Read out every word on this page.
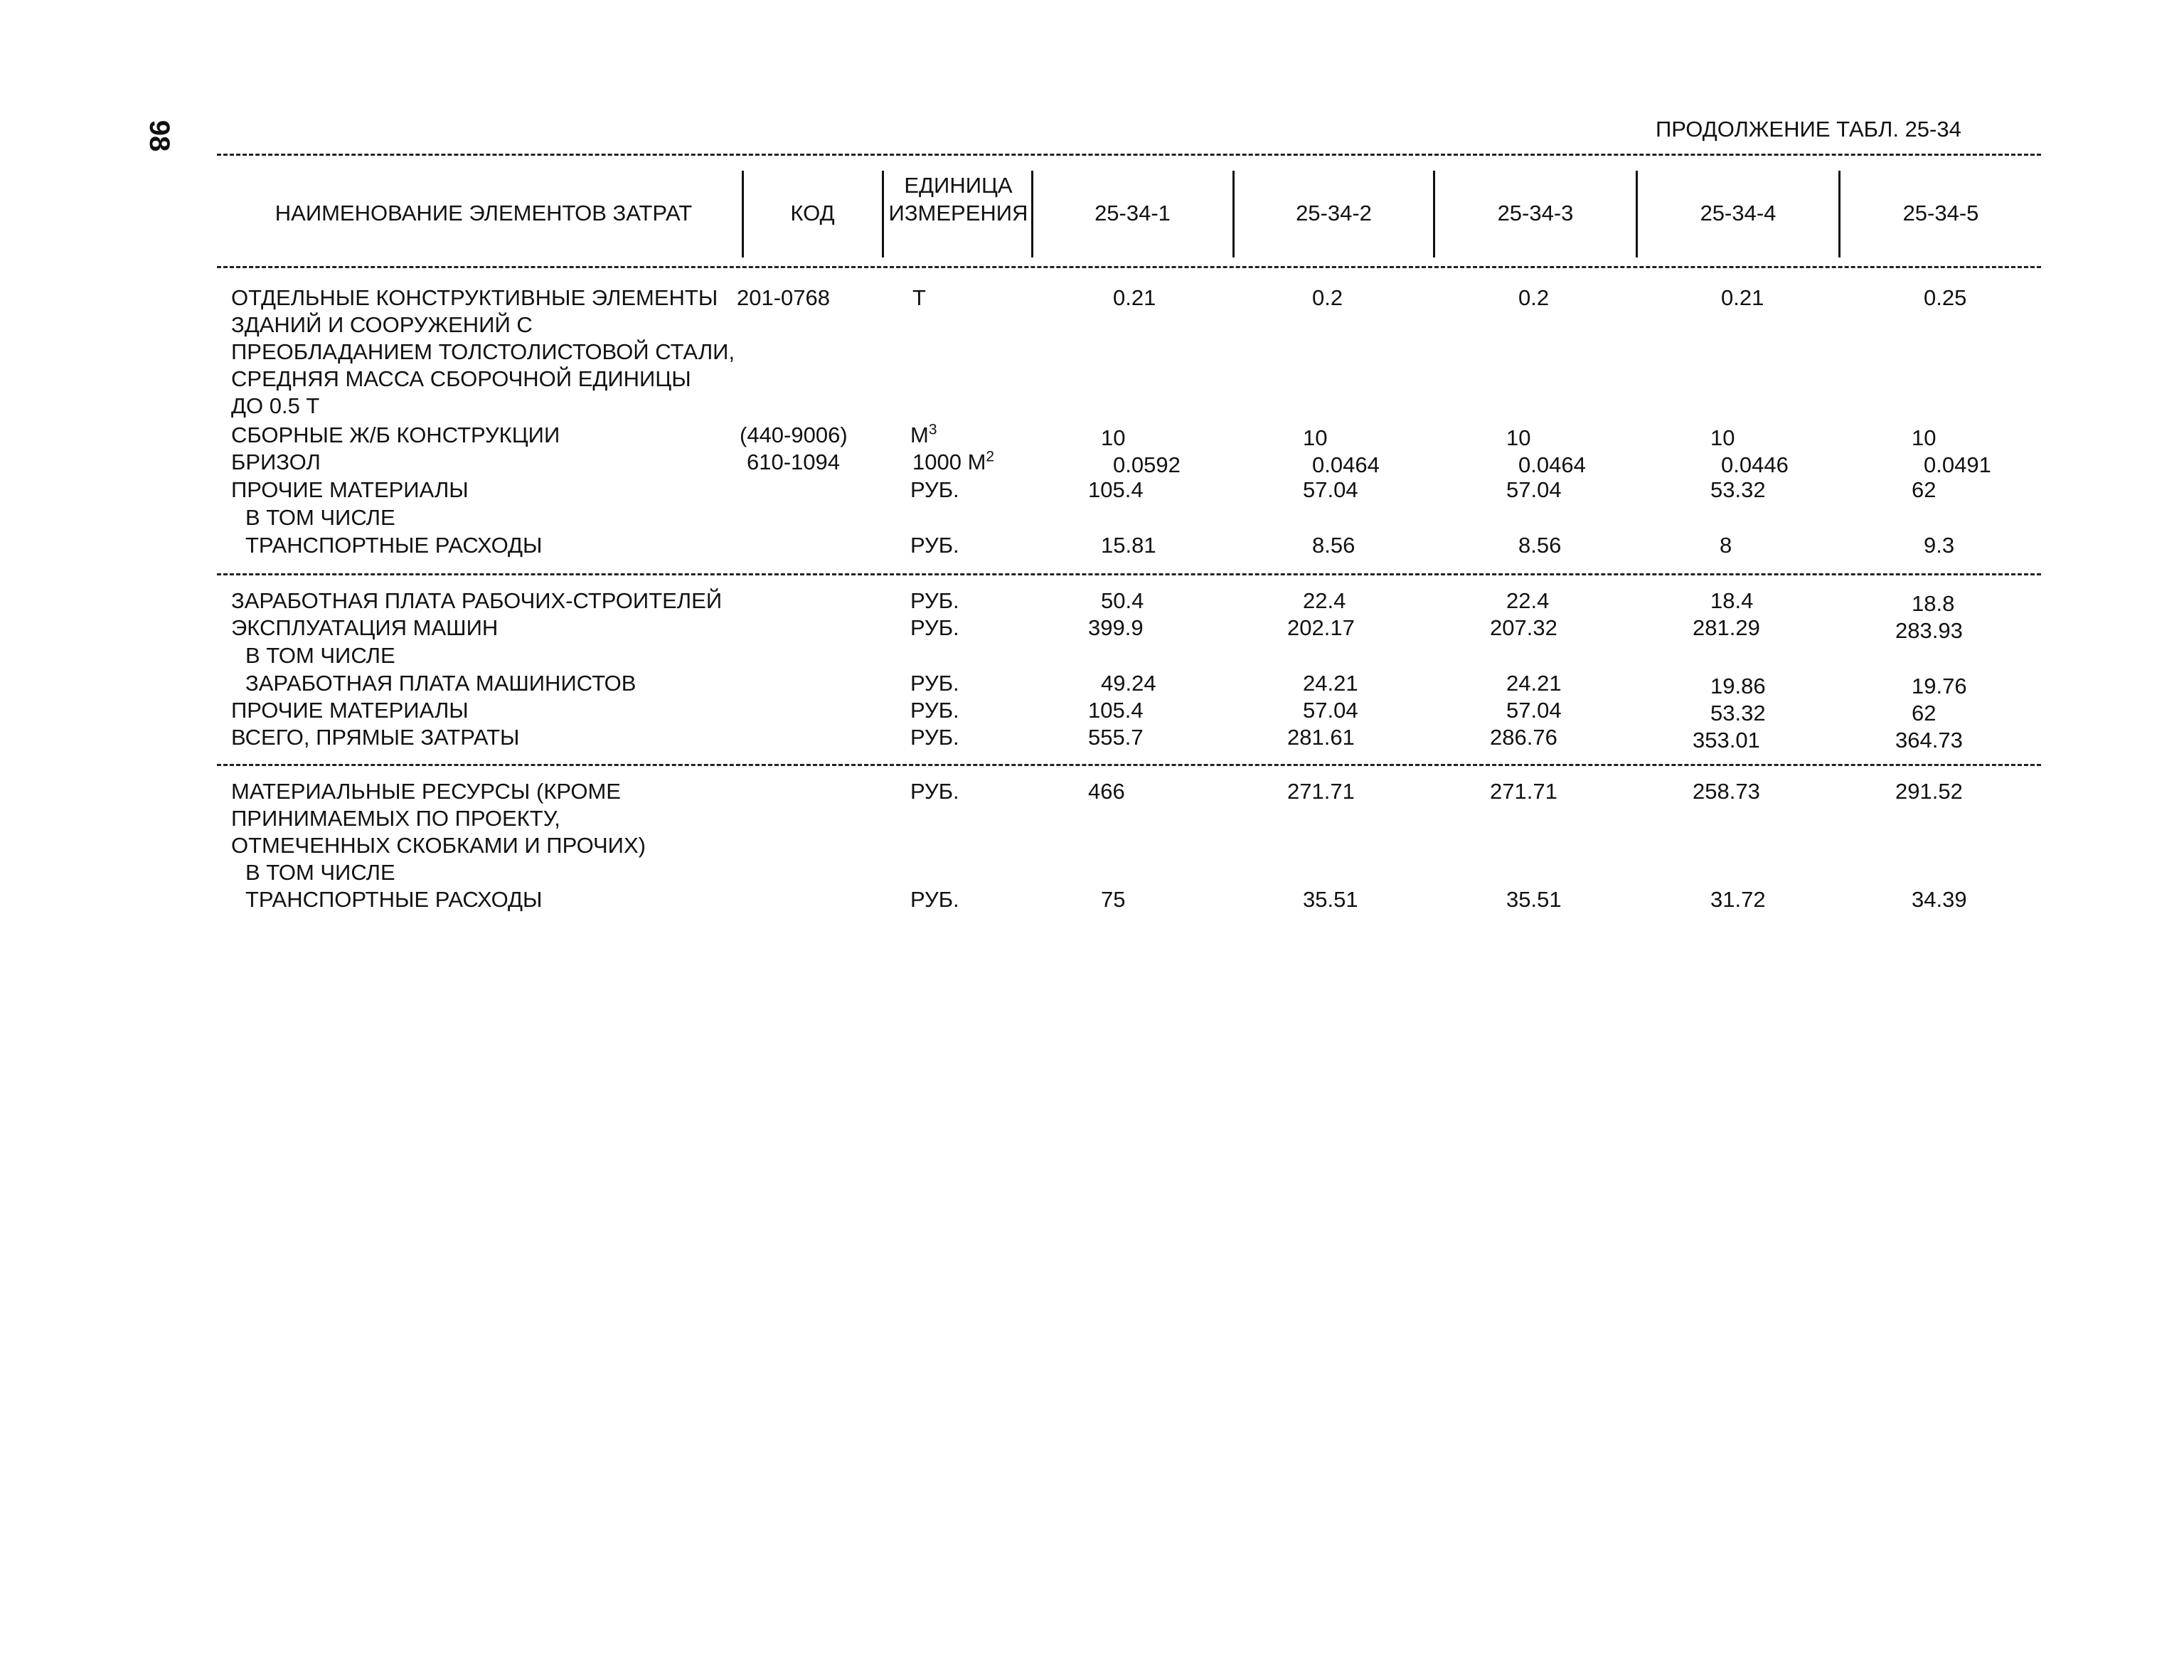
98	ПРОДОЛЖЕНИЕ ТАБЛ. 25-34
НАИМЕНОВАНИЕ ЭЛЕМЕНТОВ ЗАТРАТ	КОД
ЕДИНИЦА
ИЗМЕРЕНИЯ	25-34-1	25-34-2	25-34-3	25-34-4	25-34-5
ОТДЕЛЬНЫЕ КОНСТРУКТИВНЫЕ ЭЛЕМЕНТЫ
ЗДАНИЙ И СООРУЖЕНИЙ С
ПРЕОБЛАДАНИЕМ ТОЛСТОЛИСТОВОЙ СТАЛИ,
СРЕДНЯЯ МАССА СБОРОЧНОЙ ЕДИНИЦЫ
ДО 0.5 Т
201-0768	Т	0.21	0.2	0.2	0.21	0.25
СБОРНЫЕ Ж/Б КОНСТРУКЦИИ	(440-9006)	$М^3$	10	10	10	10	10
БРИЗОЛ	610-1094	1000 $М^2$	0.0592	0.0464	0.0464	0.0446	0.0491
ПРОЧИЕ МАТЕРИАЛЫ	РУБ.	105.4	57.04	57.04	53.32	62
В ТОМ ЧИСЛЕ
ТРАНСПОРТНЫЕ РАСХОДЫ	РУБ.	15.81	8.56	8.56	8	9.3
ЗАРАБОТНАЯ ПЛАТА РАБОЧИХ-СТРОИТЕЛЕЙ	РУБ.	50.4	22.4	22.4	18.4	18.8
ЭКСПЛУАТАЦИЯ МАШИН	РУБ.	399.9	202.17	207.32	281.29	283.93
В ТОМ ЧИСЛЕ
ЗАРАБОТНАЯ ПЛАТА МАШИНИСТОВ	РУБ.	49.24	24.21	24.21	19.86	19.76
ПРОЧИЕ МАТЕРИАЛЫ	РУБ.	105.4	57.04	57.04	53.32	62
ВСЕГО, ПРЯМЫЕ ЗАТРАТЫ	РУБ.	555.7	281.61	286.76	353.01	364.73
МАТЕРИАЛЬНЫЕ РЕСУРСЫ (КРОМЕ
ПРИНИМАЕМЫХ ПО ПРОЕКТУ,
ОТМЕЧЕННЫХ СКОБКАМИ И ПРОЧИХ)
РУБ.	466	271.71	271.71	258.73	291.52
В ТОМ ЧИСЛЕ
ТРАНСПОРТНЫЕ РАСХОДЫ	РУБ.	75	35.51	35.51	31.72	34.39
